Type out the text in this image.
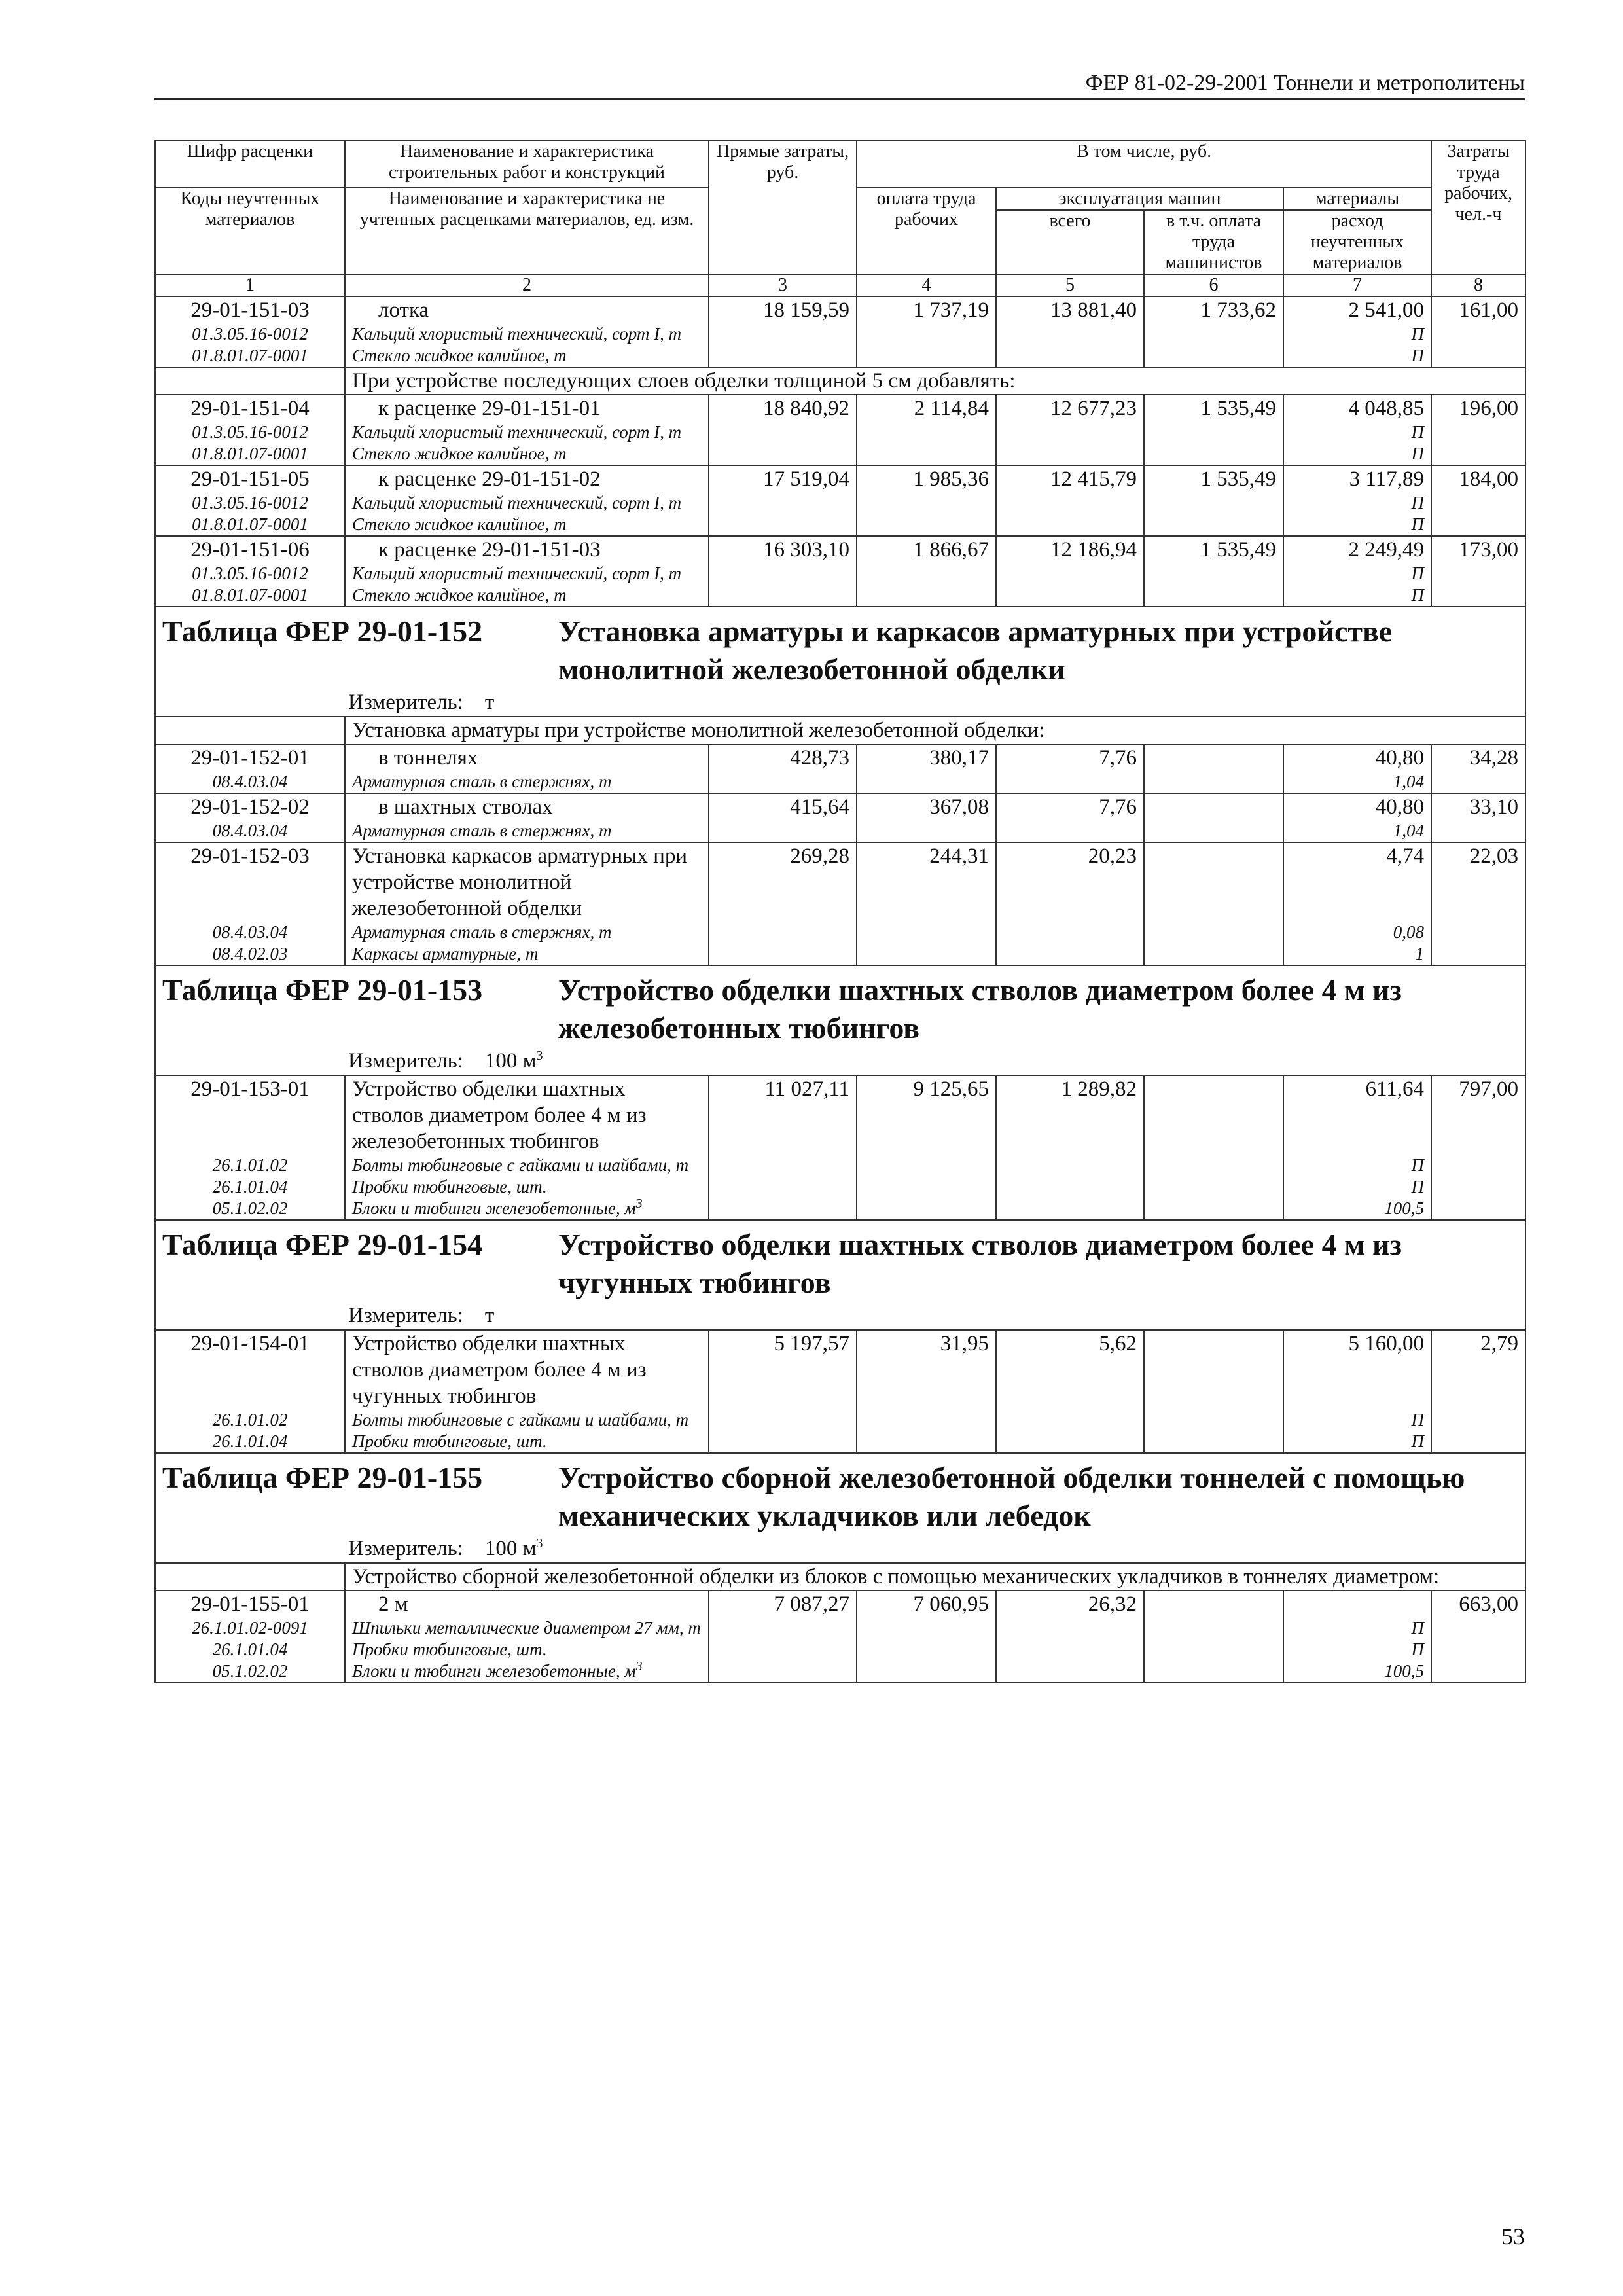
ФЕР 81-02-29-2001 Тоннели и метрополитены
Шифр расценки	Наименование и характеристика строительных работ и конструкций	Прямые затраты, руб.	В том числе, руб.				Затраты труда рабочих, чел.-ч
Коды неучтенных материалов	Наименование и характеристика не учтенных расценками материалов, ед. изм.		оплата труда рабочих	эксплуатация машин		материалы	
				всего	в т.ч. оплата труда машинистов	расход неучтенных материалов	

1	2	3	4	5	6	7	8
29-01-151-03	лотка	18 159,59	1 737,19	13 881,40	1 733,62	2 541,00	161,00
01.3.05.16-0012	Кальций хлористый технический, сорт I, т					П	
01.8.01.07-0001	Стекло жидкое калийное, т					П	
	При устройстве последующих слоев обделки толщиной 5 см добавлять:						
29-01-151-04	к расценке 29-01-151-01	18 840,92	2 114,84	12 677,23	1 535,49	4 048,85	196,00
01.3.05.16-0012	Кальций хлористый технический, сорт I, т					П	
01.8.01.07-0001	Стекло жидкое калийное, т					П	
29-01-151-05	к расценке 29-01-151-02	17 519,04	1 985,36	12 415,79	1 535,49	3 117,89	184,00
01.3.05.16-0012	Кальций хлористый технический, сорт I, т					П	
01.8.01.07-0001	Стекло жидкое калийное, т					П	
29-01-151-06	к расценке 29-01-151-03	16 303,10	1 866,67	12 186,94	1 535,49	2 249,49	173,00
01.3.05.16-0012	Кальций хлористый технический, сорт I, т					П	
01.8.01.07-0001	Стекло жидкое калийное, т					П	
Таблица ФЕР 29-01-152 Установка арматуры и каркасов арматурных при устройстве монолитной железобетонной обделки							
Измеритель: т							
	Установка арматуры при устройстве монолитной железобетонной обделки:						
29-01-152-01	в тоннелях	428,73	380,17	7,76		40,80	34,28
08.4.03.04	Арматурная сталь в стержнях, т					1,04	
29-01-152-02	в шахтных стволах	415,64	367,08	7,76		40,80	33,10
08.4.03.04	Арматурная сталь в стержнях, т					1,04	
29-01-152-03	Установка каркасов арматурных при устройстве монолитной железобетонной обделки	269,28	244,31	20,23		4,74	22,03
08.4.03.04	Арматурная сталь в стержнях, т					0,08	
08.4.02.03	Каркасы арматурные, т					1	
Таблица ФЕР 29-01-153 Устройство обделки шахтных стволов диаметром более 4 м из железобетонных тюбингов							
Измеритель: 100 $м^3$
29-01-153-01	Устройство обделки шахтных стволов диаметром более 4 м из железобетонных тюбингов	11 027,11	9 125,65	1 289,82		611,64	797,00
26.1.01.02	Болты тюбинговые с гайками и шайбами, т					П	
26.1.01.04	Пробки тюбинговые, шт.					П	
05.1.02.02	Блоки и тюбинги железобетонные, $м^3$					100,5	
Таблица ФЕР 29-01-154 Устройство обделки шахтных стволов диаметром более 4 м из чугунных тюбингов							
Измеритель: т							
29-01-154-01	Устройство обделки шахтных стволов диаметром более 4 м из чугунных тюбингов	5 197,57	31,95	5,62		5 160,00	2,79
26.1.01.02	Болты тюбинговые с гайками и шайбами, т					П	
26.1.01.04	Пробки тюбинговые, шт.					П	
Таблица ФЕР 29-01-155 Устройство сборной железобетонной обделки тоннелей с помощью механических укладчиков или лебедок							
Измеритель: 100 $м^3$
	Устройство сборной железобетонной обделки из блоков с помощью механических укладчиков в тоннелях диаметром:						
29-01-155-01	2 м	7 087,27	7 060,95	26,32			663,00
26.1.01.02-0091	Шпильки металлические диаметром 27 мм, т					П	
26.1.01.04	Пробки тюбинговые, шт.					П	
05.1.02.02	Блоки и тюбинги железобетонные, $м^3$					100,5	
53
